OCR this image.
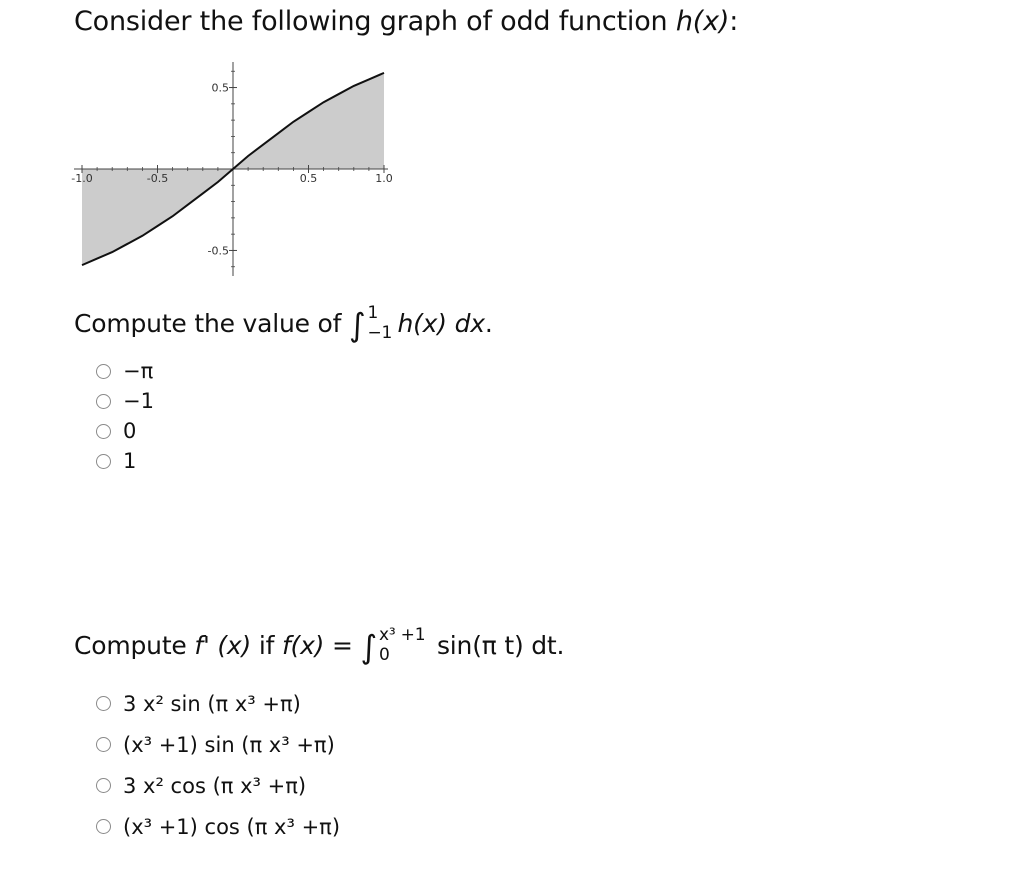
Consider the following graph of odd function h(x):
-1.0	-0.5	0.5	1.0
0.5
-0.5
Compute the value of ∫ 1
−1 h(x) dx.
−π
−1
0
1
Compute f' (x) if f(x) = ∫ x³ +1
0 sin(π t) dt.
3 x² sin (π x³ +π)
(x³ +1) sin (π x³ +π)
3 x² cos (π x³ +π)
(x³ +1) cos (π x³ +π)
